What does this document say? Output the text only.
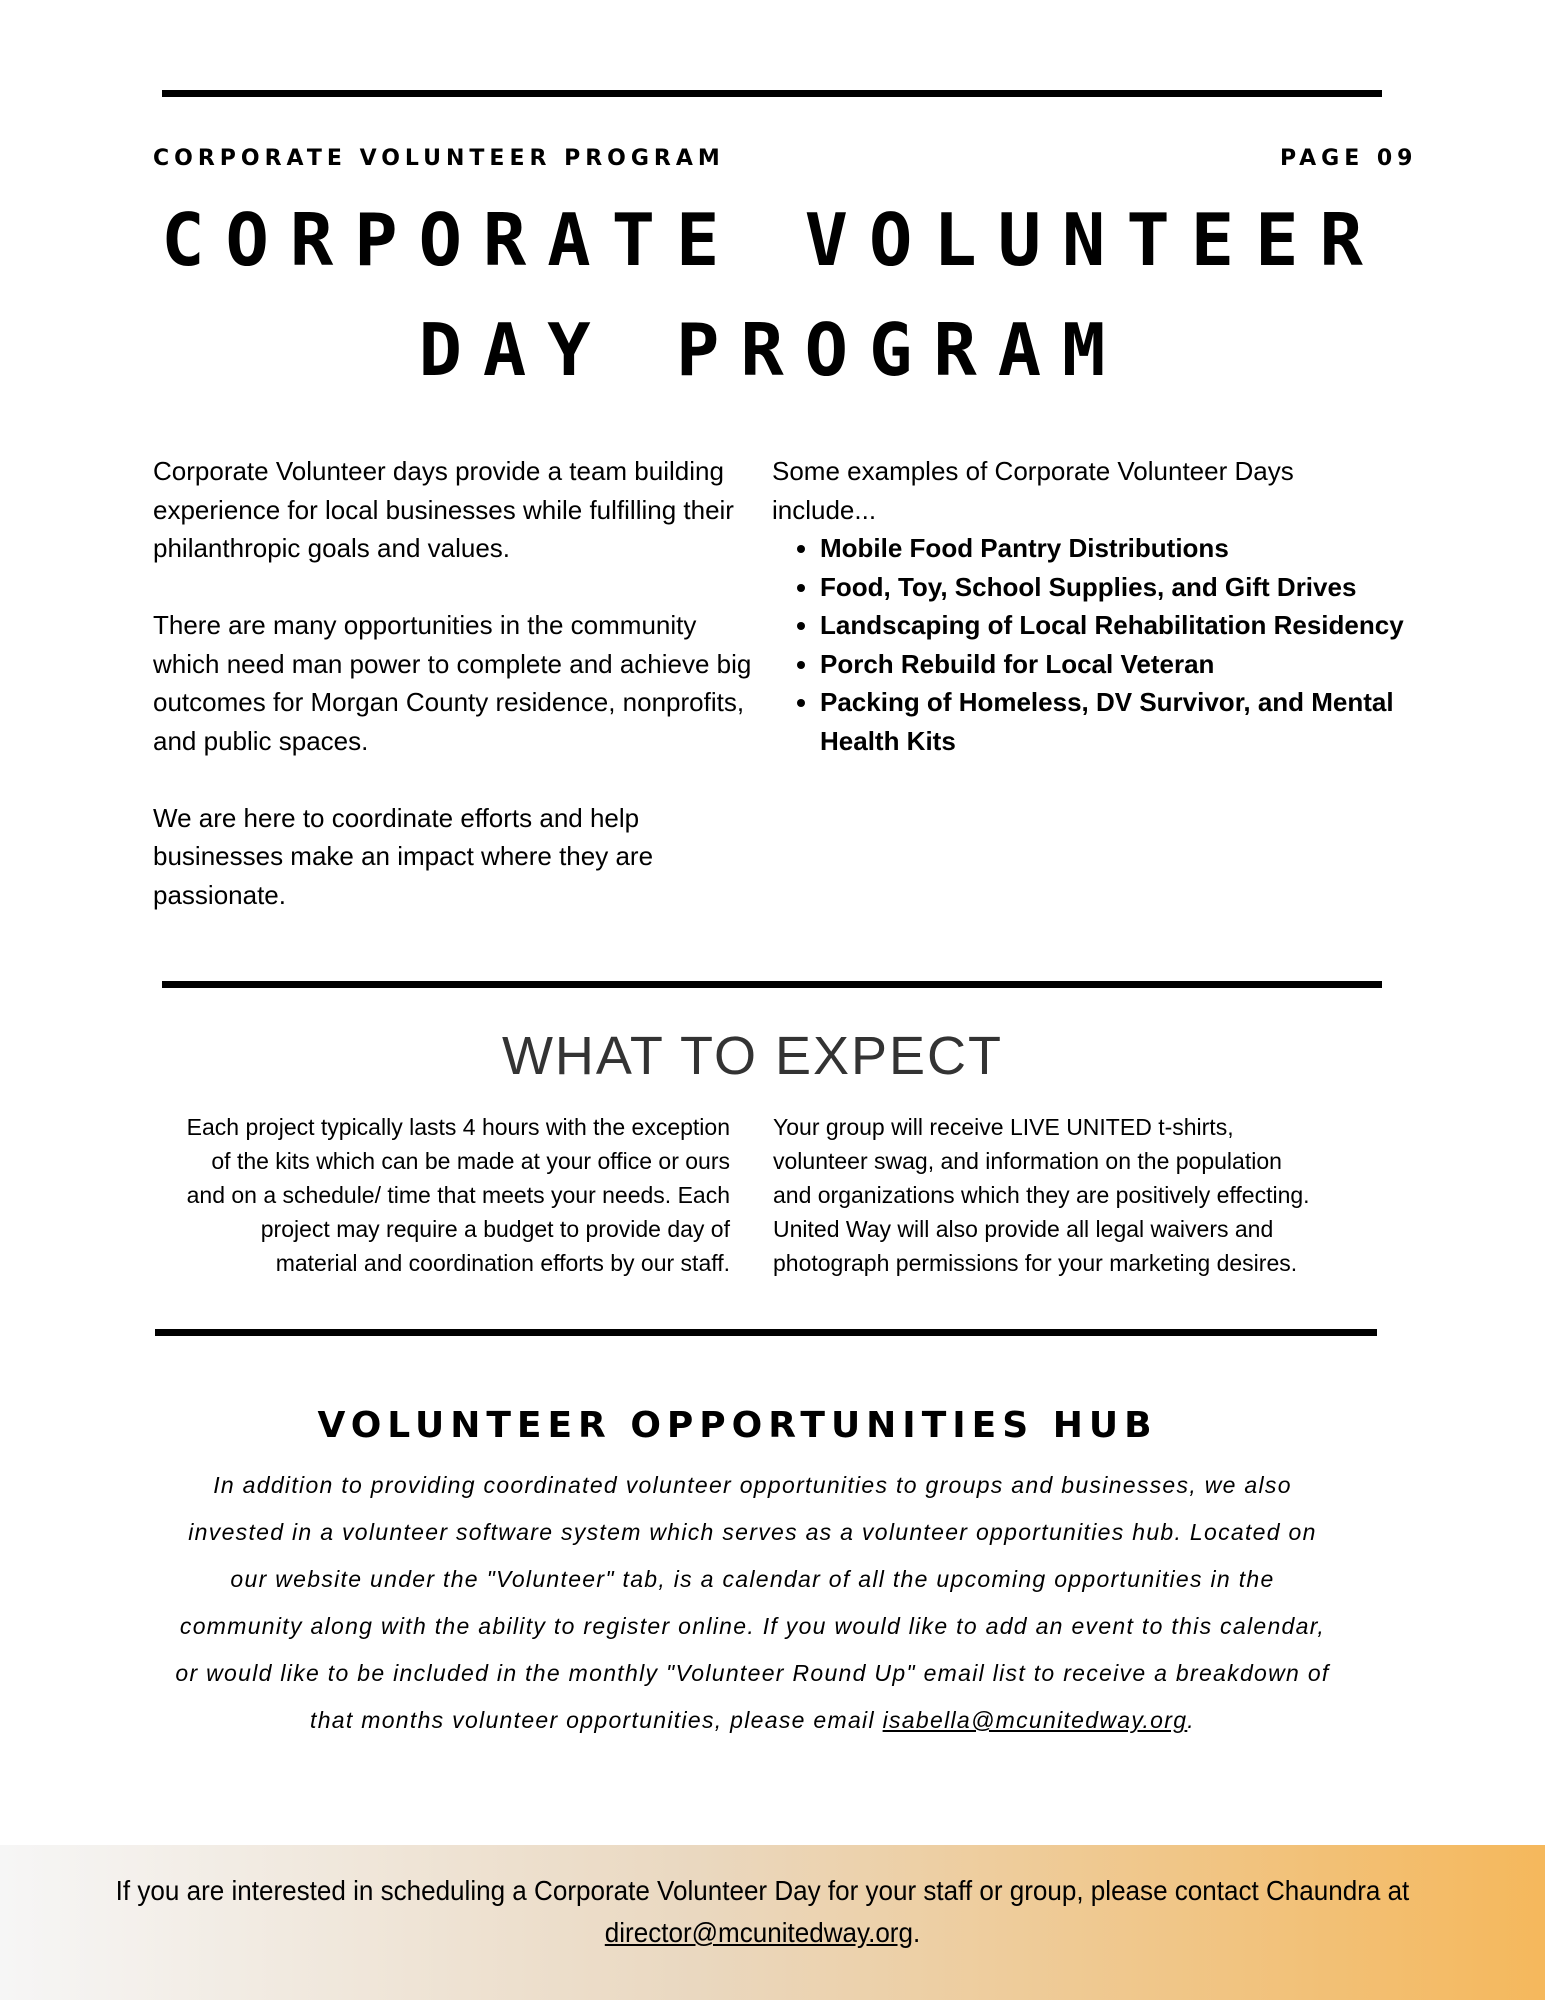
CORPORATE VOLUNTEER PROGRAM	PAGE 09
CORPORATE VOLUNTEER
DAY PROGRAM

Corporate Volunteer days provide a team building experience for local businesses while fulfilling their philanthropic goals and values.

There are many opportunities in the community which need man power to complete and achieve big outcomes for Morgan County residence, nonprofits, and public spaces.

We are here to coordinate efforts and help businesses make an impact where they are passionate.

Some examples of Corporate Volunteer Days include...

• Mobile Food Pantry Distributions
• Food, Toy, School Supplies, and Gift Drives
• Landscaping of Local Rehabilitation Residency
• Porch Rebuild for Local Veteran
• Packing of Homeless, DV Survivor, and Mental Health Kits
WHAT TO EXPECT
Each project typically lasts 4 hours with the exception of the kits which can be made at your office or ours and on a schedule/ time that meets your needs. Each project may require a budget to provide day of material and coordination efforts by our staff.
Your group will receive LIVE UNITED t-shirts, volunteer swag, and information on the population and organizations which they are positively effecting. United Way will also provide all legal waivers and photograph permissions for your marketing desires.
VOLUNTEER OPPORTUNITIES HUB
In addition to providing coordinated volunteer opportunities to groups and businesses, we also invested in a volunteer software system which serves as a volunteer opportunities hub. Located on our website under the "Volunteer" tab, is a calendar of all the upcoming opportunities in the community along with the ability to register online. If you would like to add an event to this calendar, or would like to be included in the monthly "Volunteer Round Up" email list to receive a breakdown of that months volunteer opportunities, please email isabella@mcunitedway.org.
If you are interested in scheduling a Corporate Volunteer Day for your staff or group, please contact Chaundra at director@mcunitedway.org.
